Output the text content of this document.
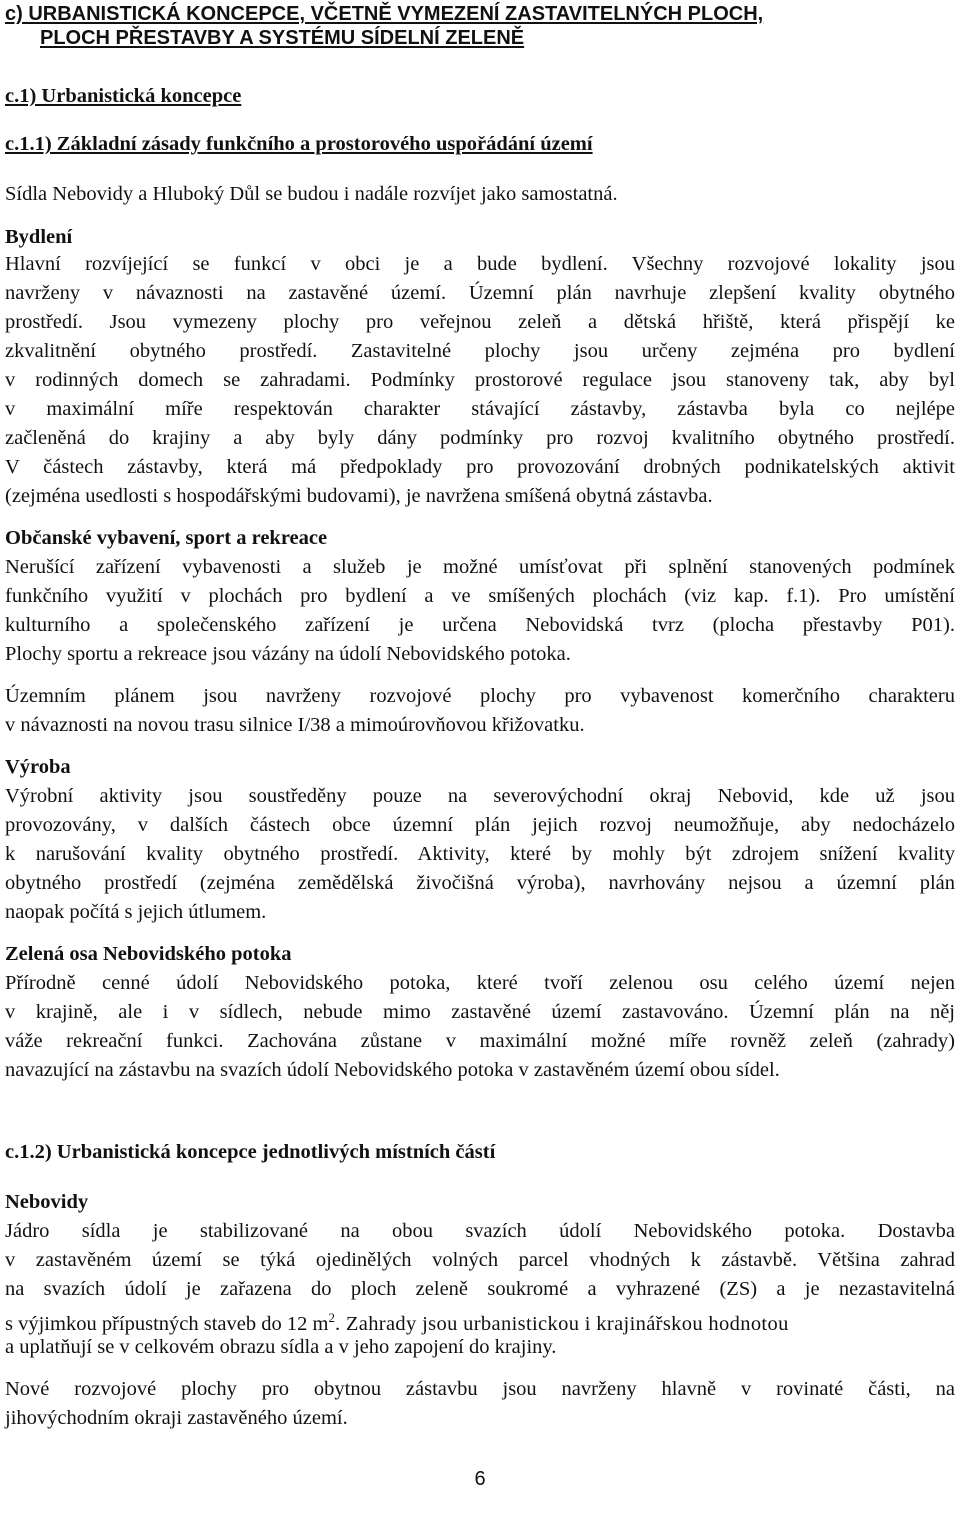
c) URBANISTICKÁ KONCEPCE, VČETNĚ VYMEZENÍ ZASTAVITELNÝCH PLOCH,
PLOCH PŘESTAVBY A SYSTÉMU SÍDELNÍ ZELENĚ
c.1) Urbanistická koncepce
c.1.1) Základní zásady funkčního a prostorového uspořádání území
Sídla Nebovidy a Hluboký Důl se budou i nadále rozvíjet jako samostatná.
Bydlení
Hlavní rozvíjející se funkcí v obci je a bude bydlení. Všechny rozvojové lokality jsou
navrženy v návaznosti na zastavěné území. Územní plán navrhuje zlepšení kvality obytného
prostředí. Jsou vymezeny plochy pro veřejnou zeleň a dětská hřiště, která přispějí ke
zkvalitnění obytného prostředí. Zastavitelné plochy jsou určeny zejména pro bydlení
v rodinných domech se zahradami. Podmínky prostorové regulace jsou stanoveny tak, aby byl
v maximální míře respektován charakter stávající zástavby, zástavba byla co nejlépe
začleněná do krajiny a aby byly dány podmínky pro rozvoj kvalitního obytného prostředí.
V částech zástavby, která má předpoklady pro provozování drobných podnikatelských aktivit
(zejména usedlosti s hospodářskými budovami), je navržena smíšená obytná zástavba.
Občanské vybavení, sport a rekreace
Nerušící zařízení vybavenosti a služeb je možné umísťovat při splnění stanovených podmínek
funkčního využití v plochách pro bydlení a ve smíšených plochách (viz kap. f.1). Pro umístění
kulturního a společenského zařízení je určena Nebovidská tvrz (plocha přestavby P01).
Plochy sportu a rekreace jsou vázány na údolí Nebovidského potoka.
Územním plánem jsou navrženy rozvojové plochy pro vybavenost komerčního charakteru
v návaznosti na novou trasu silnice I/38 a mimoúrovňovou křižovatku.
Výroba
Výrobní aktivity jsou soustředěny pouze na severovýchodní okraj Nebovid, kde už jsou
provozovány, v dalších částech obce územní plán jejich rozvoj neumožňuje, aby nedocházelo
k narušování kvality obytného prostředí. Aktivity, které by mohly být zdrojem snížení kvality
obytného prostředí (zejména zemědělská živočišná výroba), navrhovány nejsou a územní plán
naopak počítá s jejich útlumem.
Zelená osa Nebovidského potoka
Přírodně cenné údolí Nebovidského potoka, které tvoří zelenou osu celého území nejen
v krajině, ale i v sídlech, nebude mimo zastavěné území zastavováno. Územní plán na něj
váže rekreační funkci. Zachována zůstane v maximální možné míře rovněž zeleň (zahrady)
navazující na zástavbu na svazích údolí Nebovidského potoka v zastavěném území obou sídel.
c.1.2) Urbanistická koncepce jednotlivých místních částí
Nebovidy
Jádro sídla je stabilizované na obou svazích údolí Nebovidského potoka. Dostavba
v zastavěném území se týká ojedinělých volných parcel vhodných k zástavbě. Většina zahrad
na svazích údolí je zařazena do ploch zeleně soukromé a vyhrazené (ZS) a je nezastavitelná
s výjimkou přípustných staveb do 12 $m^2$. Zahrady jsou urbanistickou i krajinářskou hodnotou
a uplatňují se v celkovém obrazu sídla a v jeho zapojení do krajiny.
Nové rozvojové plochy pro obytnou zástavbu jsou navrženy hlavně v rovinaté části, na
jihovýchodním okraji zastavěného území.
6
